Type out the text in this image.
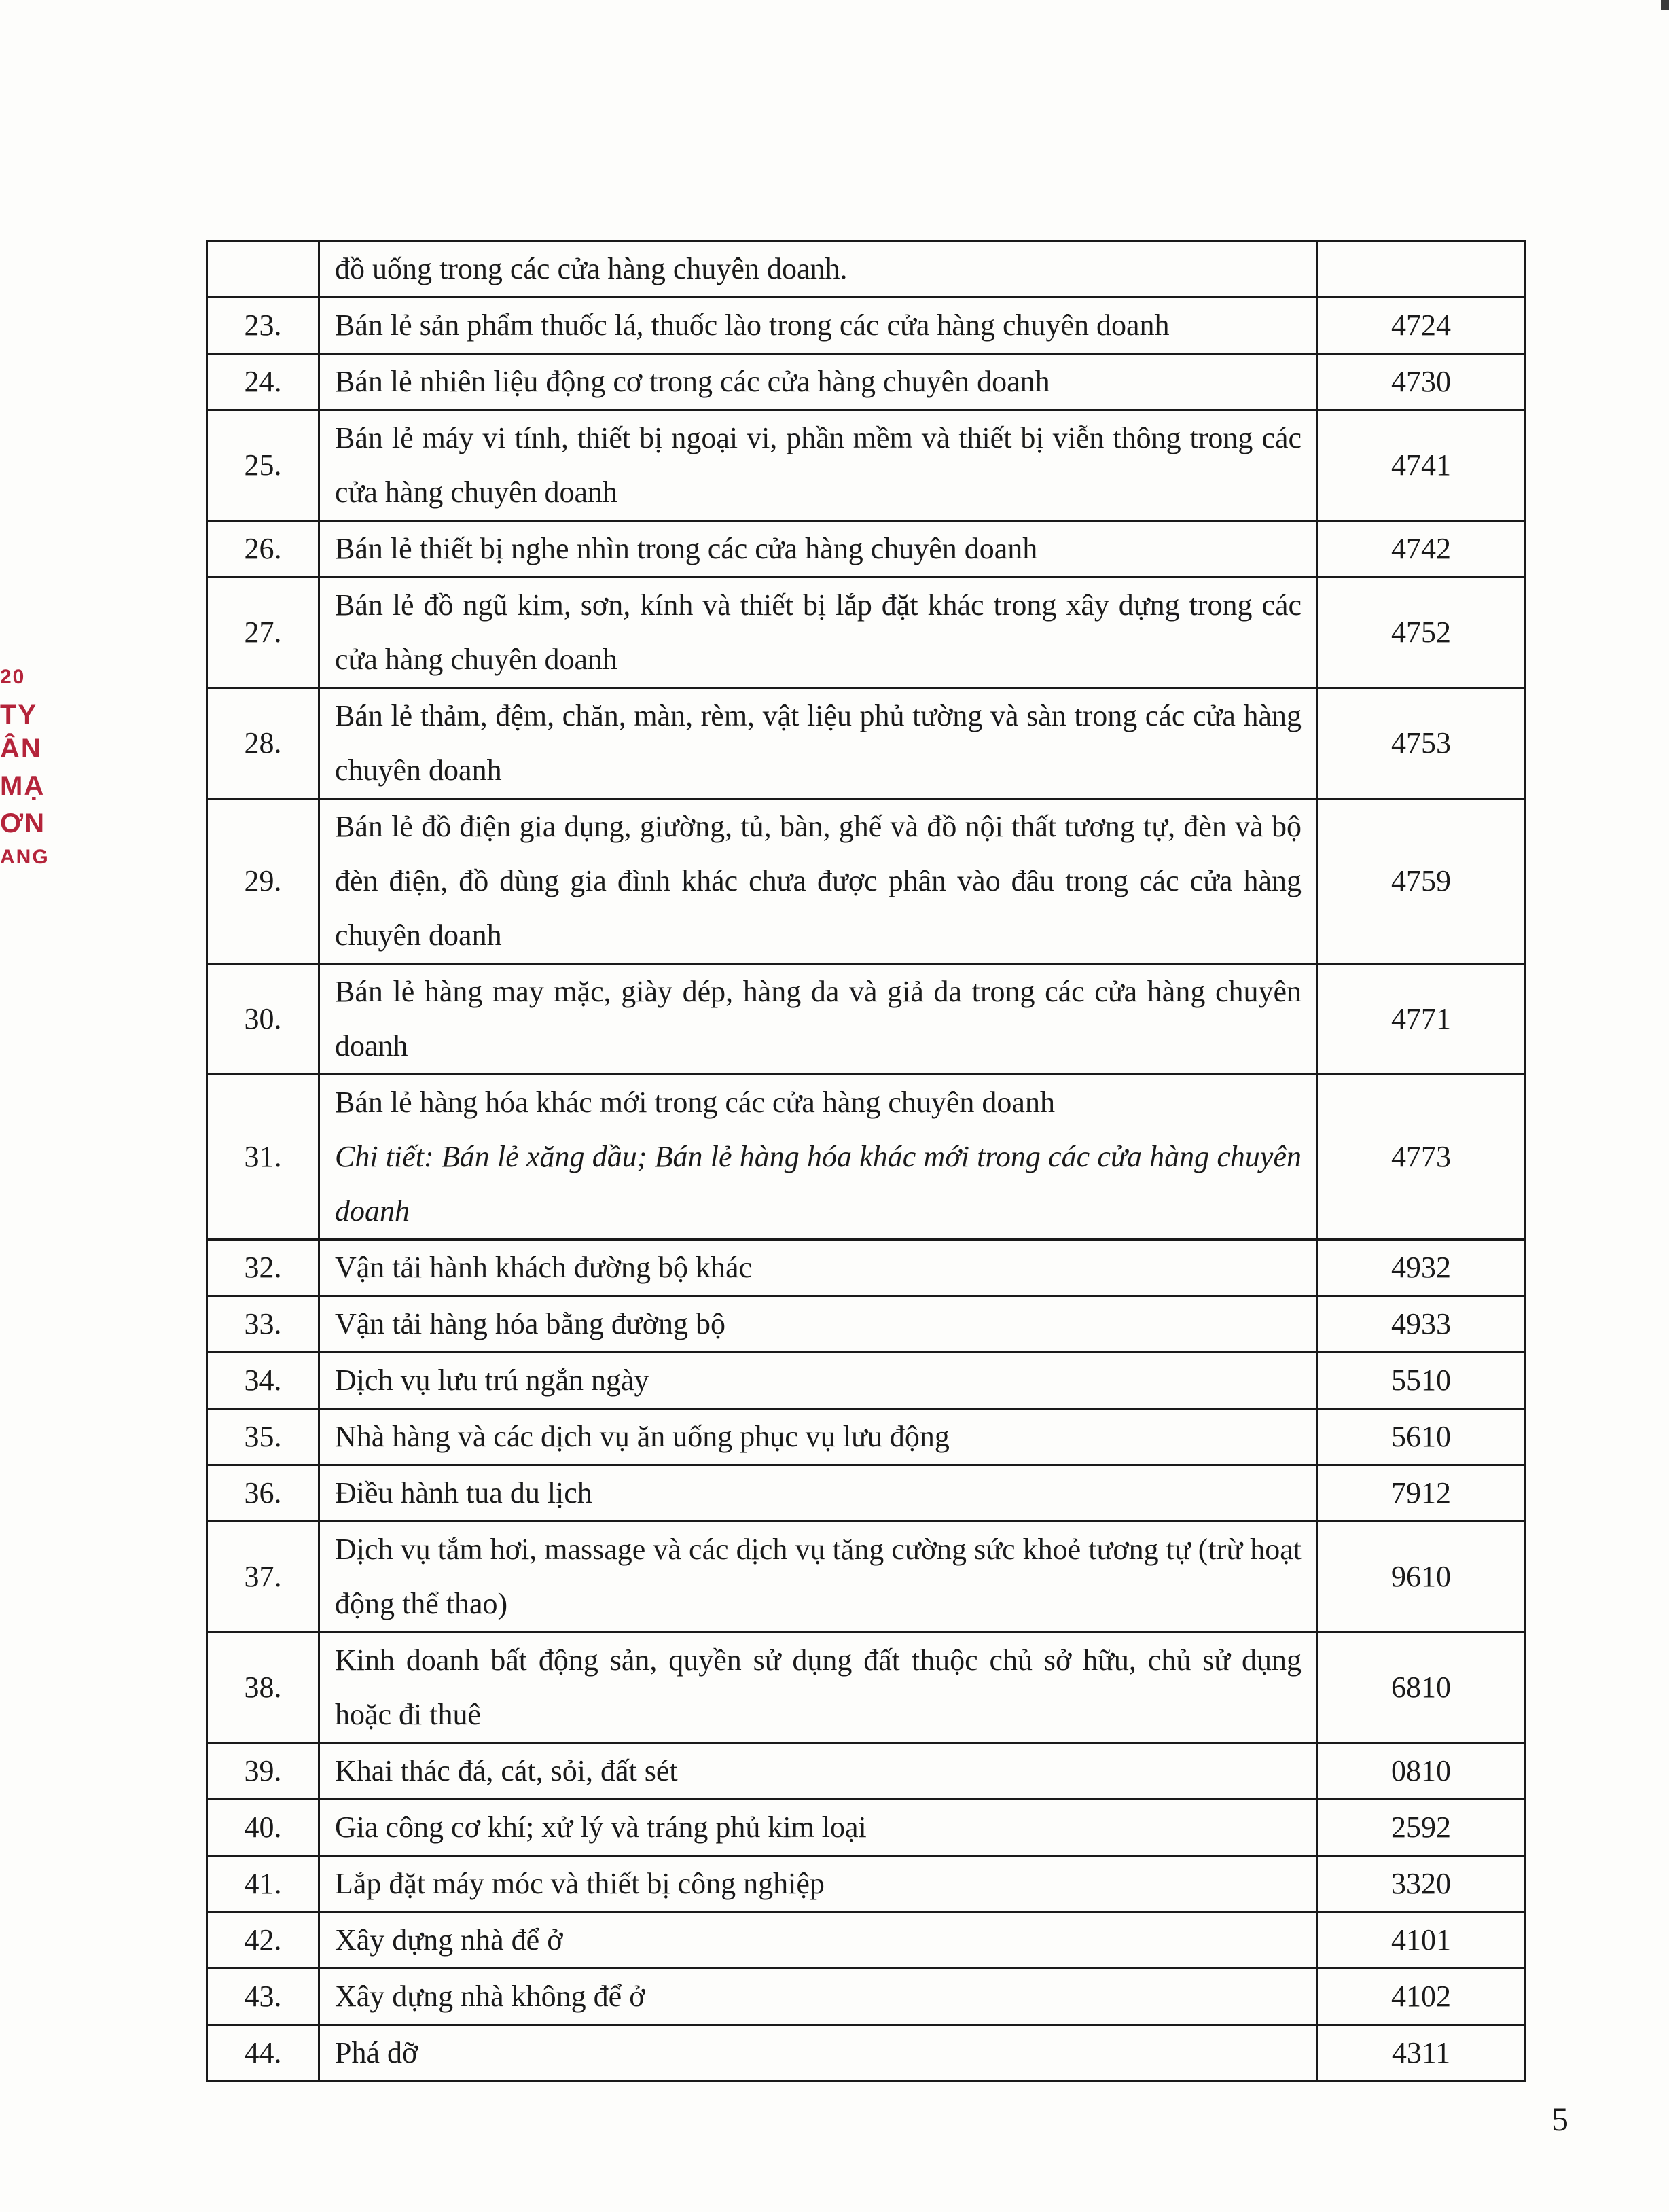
20
TY
ÂN
MẠ
ƠN
ANG
	đồ uống trong các cửa hàng chuyên doanh.	
23.	Bán lẻ sản phẩm thuốc lá, thuốc lào trong các cửa hàng chuyên doanh	4724
24.	Bán lẻ nhiên liệu động cơ trong các cửa hàng chuyên doanh	4730
25.	Bán lẻ máy vi tính, thiết bị ngoại vi, phần mềm và thiết bị viễn thông trong các cửa hàng chuyên doanh	4741
26.	Bán lẻ thiết bị nghe nhìn trong các cửa hàng chuyên doanh	4742
27.	Bán lẻ đồ ngũ kim, sơn, kính và thiết bị lắp đặt khác trong xây dựng trong các cửa hàng chuyên doanh	4752
28.	Bán lẻ thảm, đệm, chăn, màn, rèm, vật liệu phủ tường và sàn trong các cửa hàng chuyên doanh	4753
29.	Bán lẻ đồ điện gia dụng, giường, tủ, bàn, ghế và đồ nội thất tương tự, đèn và bộ đèn điện, đồ dùng gia đình khác chưa được phân vào đâu trong các cửa hàng chuyên doanh	4759
30.	Bán lẻ hàng may mặc, giày dép, hàng da và giả da trong các cửa hàng chuyên doanh	4771
31.	Bán lẻ hàng hóa khác mới trong các cửa hàng chuyên doanh
Chi tiết: Bán lẻ xăng dầu; Bán lẻ hàng hóa khác mới trong các cửa hàng chuyên doanh	4773
32.	Vận tải hành khách đường bộ khác	4932
33.	Vận tải hàng hóa bằng đường bộ	4933
34.	Dịch vụ lưu trú ngắn ngày	5510
35.	Nhà hàng và các dịch vụ ăn uống phục vụ lưu động	5610
36.	Điều hành tua du lịch	7912
37.	Dịch vụ tắm hơi, massage và các dịch vụ tăng cường sức khoẻ tương tự (trừ hoạt động thể thao)	9610
38.	Kinh doanh bất động sản, quyền sử dụng đất thuộc chủ sở hữu, chủ sử dụng hoặc đi thuê	6810
39.	Khai thác đá, cát, sỏi, đất sét	0810
40.	Gia công cơ khí; xử lý và tráng phủ kim loại	2592
41.	Lắp đặt máy móc và thiết bị công nghiệp	3320
42.	Xây dựng nhà để ở	4101
43.	Xây dựng nhà không để ở	4102
44.	Phá dỡ	4311
5
